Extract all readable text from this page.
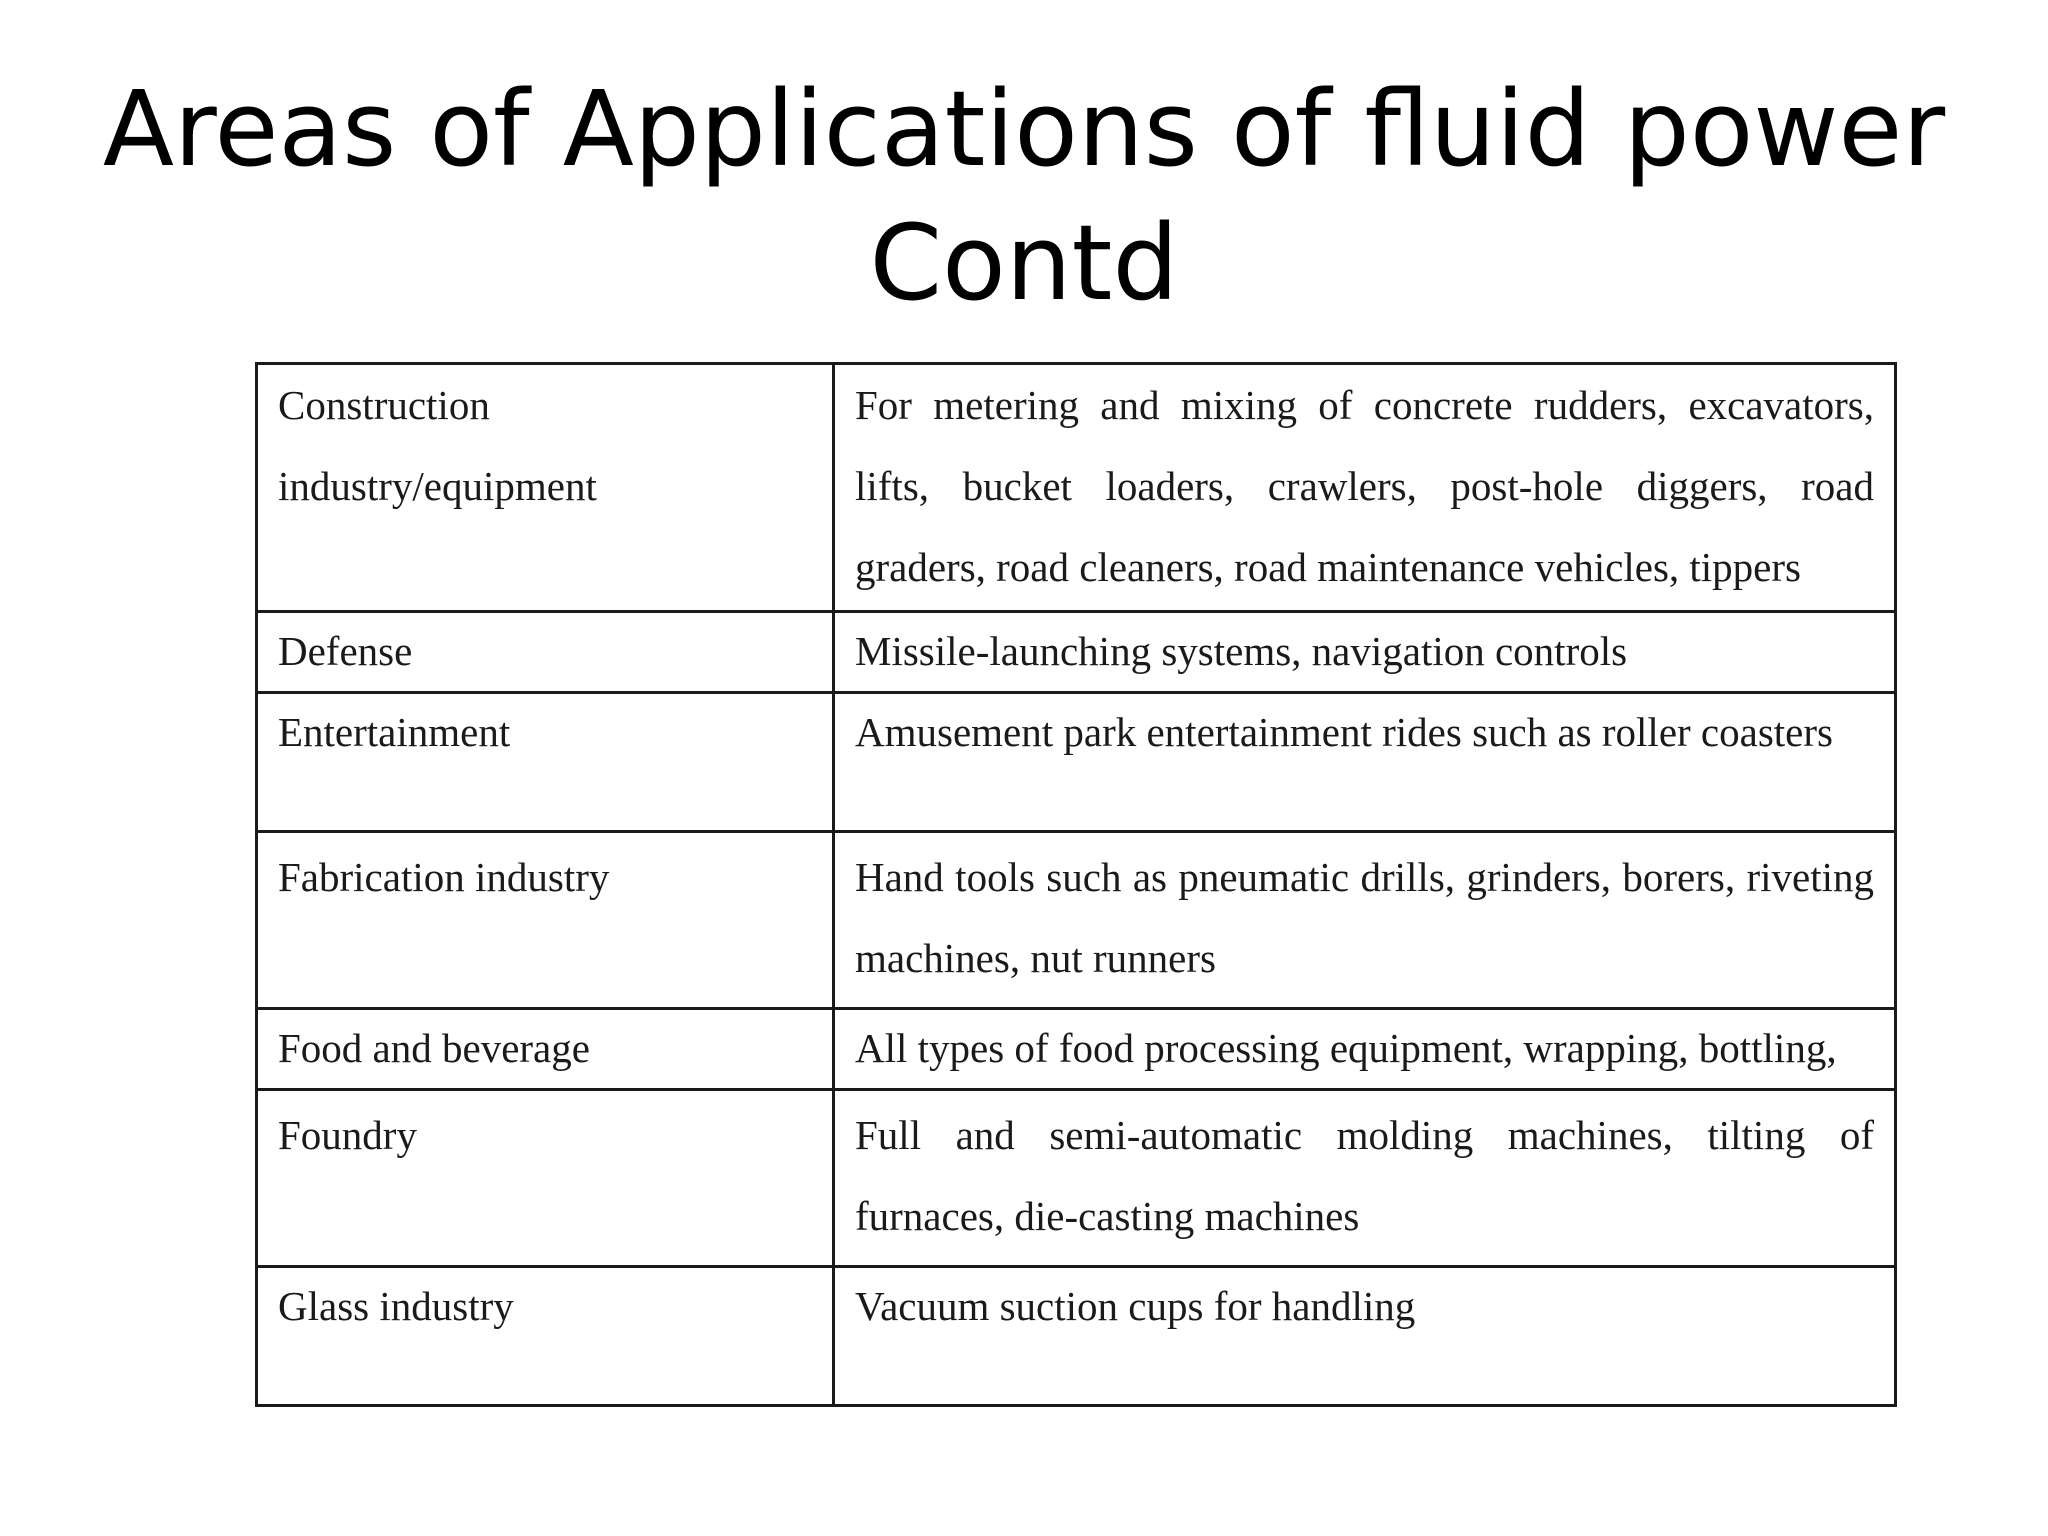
Areas of Applications of fluid power
Contd
Construction industry/equipment	For metering and mixing of concrete rudders, excavators, lifts, bucket loaders, crawlers, post-hole diggers, road graders, road cleaners, road maintenance vehicles, tippers
Defense	Missile-launching systems, navigation controls
Entertainment	Amusement park entertainment rides such as roller coasters
Fabrication industry	Hand tools such as pneumatic drills, grinders, borers, riveting machines, nut runners
Food and beverage	All types of food processing equipment, wrapping, bottling,
Foundry	Full and semi-automatic molding machines, tilting of furnaces, die-casting machines
Glass industry	Vacuum suction cups for handling
